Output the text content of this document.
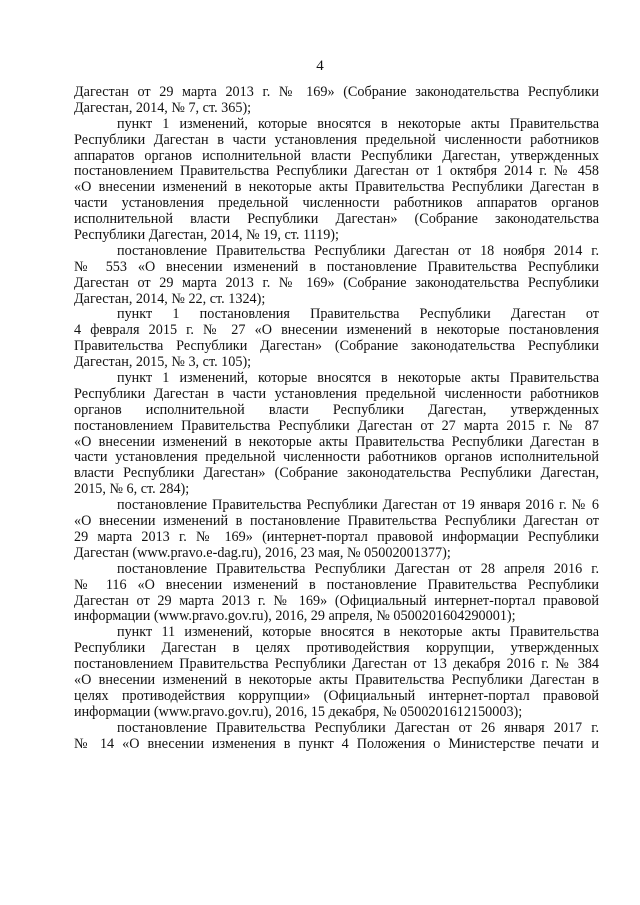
4
Дагестан от 29 марта 2013 г. № 169» (Собрание законодательства Республики
Дагестан, 2014, № 7, ст. 365);
пункт 1 изменений, которые вносятся в некоторые акты Правительства
Республики Дагестан в части установления предельной численности работников
аппаратов органов исполнительной власти Республики Дагестан, утвержденных
постановлением Правительства Республики Дагестан от 1 октября 2014 г. № 458
«О внесении изменений в некоторые акты Правительства Республики Дагестан в
части установления предельной численности работников аппаратов органов
исполнительной власти Республики Дагестан» (Собрание законодательства
Республики Дагестан, 2014, № 19, ст. 1119);
постановление Правительства Республики Дагестан от 18 ноября 2014 г.
№ 553 «О внесении изменений в постановление Правительства Республики
Дагестан от 29 марта 2013 г. № 169» (Собрание законодательства Республики
Дагестан, 2014, № 22, ст. 1324);
пункт 1 постановления Правительства Республики Дагестан от
4 февраля 2015 г. № 27 «О внесении изменений в некоторые постановления
Правительства Республики Дагестан» (Собрание законодательства Республики
Дагестан, 2015, № 3, ст. 105);
пункт 1 изменений, которые вносятся в некоторые акты Правительства
Республики Дагестан в части установления предельной численности работников
органов исполнительной власти Республики Дагестан, утвержденных
постановлением Правительства Республики Дагестан от 27 марта 2015 г. № 87
«О внесении изменений в некоторые акты Правительства Республики Дагестан в
части установления предельной численности работников органов исполнительной
власти Республики Дагестан» (Собрание законодательства Республики Дагестан,
2015, № 6, ст. 284);
постановление Правительства Республики Дагестан от 19 января 2016 г. № 6
«О внесении изменений в постановление Правительства Республики Дагестан от
29 марта 2013 г. № 169» (интернет-портал правовой информации Республики
Дагестан (www.pravo.e-dag.ru), 2016, 23 мая, № 05002001377);
постановление Правительства Республики Дагестан от 28 апреля 2016 г.
№ 116 «О внесении изменений в постановление Правительства Республики
Дагестан от 29 марта 2013 г. № 169» (Официальный интернет-портал правовой
информации (www.pravo.gov.ru), 2016, 29 апреля, № 0500201604290001);
пункт 11 изменений, которые вносятся в некоторые акты Правительства
Республики Дагестан в целях противодействия коррупции, утвержденных
постановлением Правительства Республики Дагестан от 13 декабря 2016 г. № 384
«О внесении изменений в некоторые акты Правительства Республики Дагестан в
целях противодействия коррупции» (Официальный интернет-портал правовой
информации (www.pravo.gov.ru), 2016, 15 декабря, № 0500201612150003);
постановление Правительства Республики Дагестан от 26 января 2017 г.
№ 14 «О внесении изменения в пункт 4 Положения о Министерстве печати и
